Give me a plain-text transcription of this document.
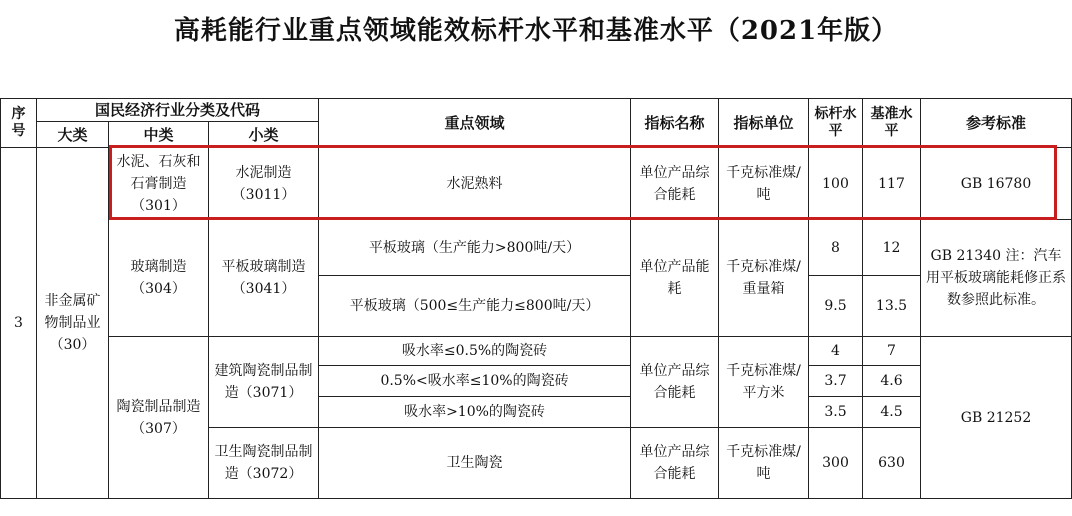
高耗能行业重点领域能效标杆水平和基准水平（2021年版）
序号	国民经济行业分类及代码			重点领域	指标名称	指标单位	标杆水平	基准水平	参考标准
	大类	中类	小类						
3	非金属矿物制品业（30）	水泥、石灰和石膏制造（301）	水泥制造（3011）	水泥熟料	单位产品综合能耗	千克标准煤/吨	100	117	GB 16780
		玻璃制造（304）	平板玻璃制造（3041）	平板玻璃（生产能力>800吨/天）	单位产品能耗	千克标准煤/重量箱	8	12	GB 21340 注：汽车用平板玻璃能耗修正系数参照此标准。
				平板玻璃（500≤生产能力≤800吨/天）			9.5	13.5	
		陶瓷制品制造（307）	建筑陶瓷制品制造（3071）	吸水率≤0.5%的陶瓷砖	单位产品综合能耗	千克标准煤/平方米	4	7	GB 21252
				0.5%<吸水率≤10%的陶瓷砖			3.7	4.6	
				吸水率>10%的陶瓷砖			3.5	4.5	
			卫生陶瓷制品制造（3072）	卫生陶瓷	单位产品综合能耗	千克标准煤/吨	300	630	
